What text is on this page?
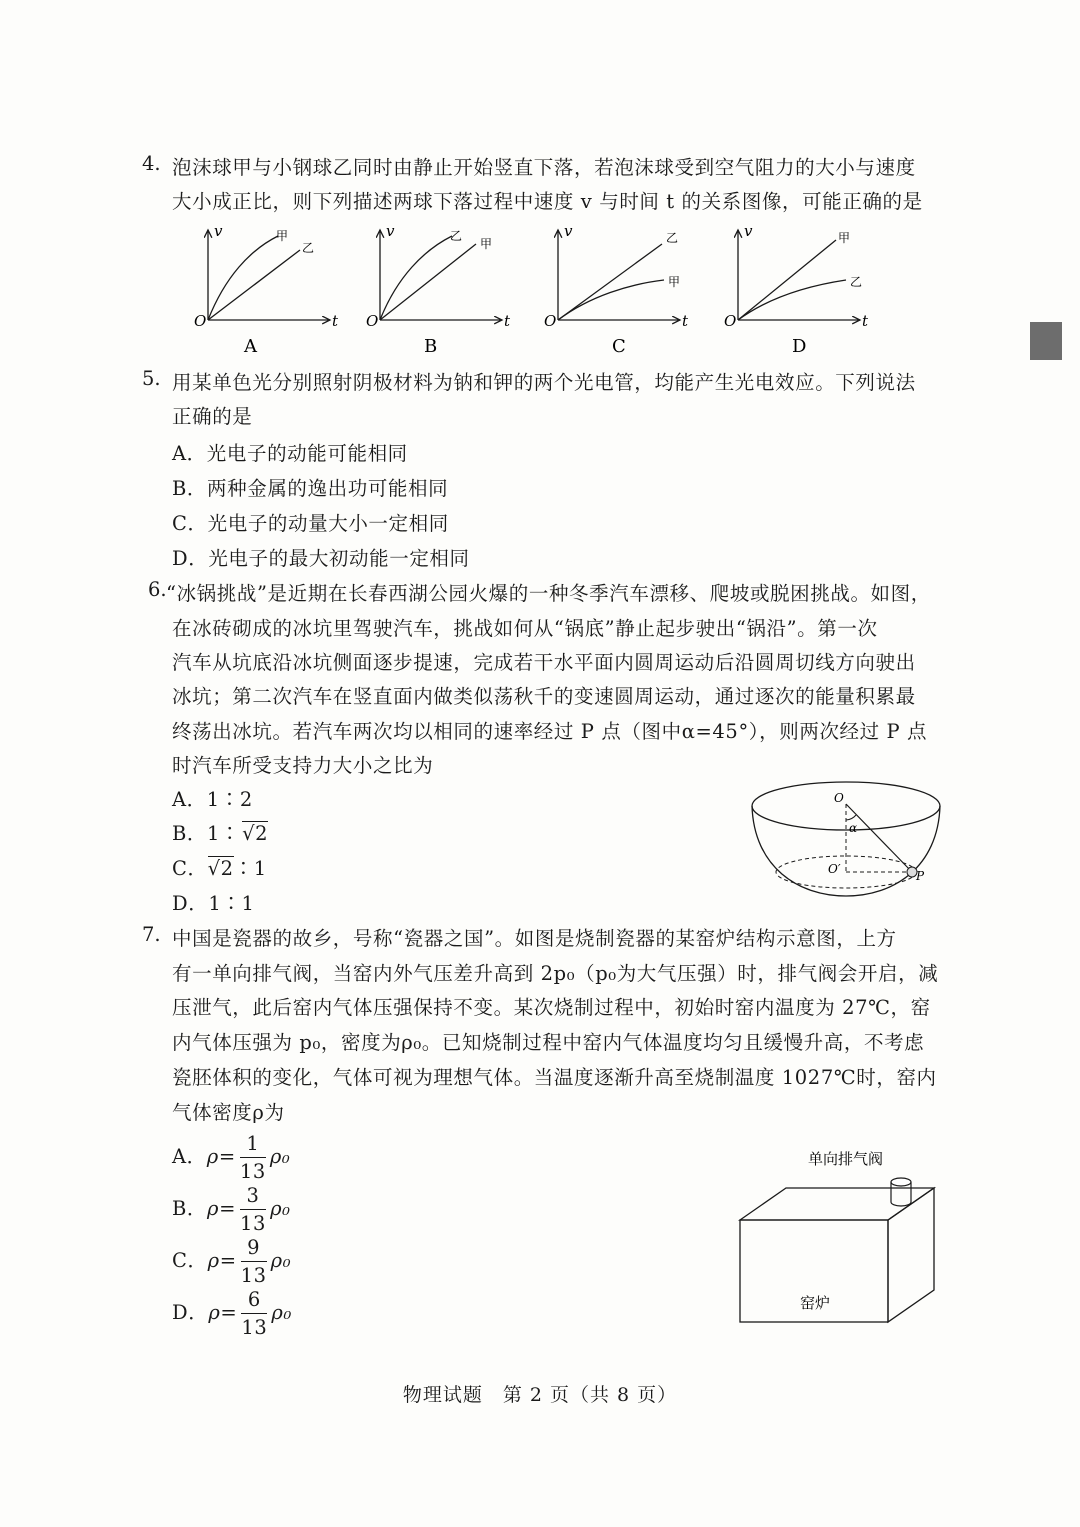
4. 泡沫球甲与小钢球乙同时由静止开始竖直下落，若泡沫球受到空气阻力的大小与速度
大小成正比，则下列描述两球下落过程中速度 v 与时间 t 的关系图像，可能正确的是
v
O	t
甲
乙
v
O	t
乙
甲
v
O	t
乙
甲
v
O	t
甲
乙
A	B	C	D
5. 用某单色光分别照射阴极材料为钠和钾的两个光电管，均能产生光电效应。下列说法
正确的是
A．光电子的动能可能相同
B．两种金属的逸出功可能相同
C．光电子的动量大小一定相同
D．光电子的最大初动能一定相同
6. “冰锅挑战”是近期在长春西湖公园火爆的一种冬季汽车漂移、爬坡或脱困挑战。如图，
在冰砖砌成的冰坑里驾驶汽车，挑战如何从“锅底”静止起步驶出“锅沿”。第一次
汽车从坑底沿冰坑侧面逐步提速，完成若干水平面内圆周运动后沿圆周切线方向驶出
冰坑；第二次汽车在竖直面内做类似荡秋千的变速圆周运动，通过逐次的能量积累最
终荡出冰坑。若汽车两次均以相同的速率经过 P 点（图中α=45°），则两次经过 P 点
时汽车所受支持力大小之比为
A．1∶2
B．1∶ √2
C．√2∶1
D．1∶1
O
α
O′	P
7. 中国是瓷器的故乡，号称“瓷器之国”。如图是烧制瓷器的某窑炉结构示意图，上方
有一单向排气阀，当窑内外气压差升高到 2p₀（p₀为大气压强）时，排气阀会开启，减
压泄气，此后窑内气体压强保持不变。某次烧制过程中，初始时窑内温度为 27℃，窑
内气体压强为 p₀，密度为ρ₀。已知烧制过程中窑内气体温度均匀且缓慢升高，不考虑
瓷胚体积的变化，气体可视为理想气体。当温度逐渐升高至烧制温度 1027℃时，窑内
气体密度ρ为
A．$\rho= \frac{1}{13} \rho_0$
B．$\rho= \frac{3}{13} \rho_0$
C．$\rho= \frac{9}{13} \rho_0$
D．$\rho= \frac{6}{13} \rho_0$
单向排气阀
窑炉
物理试题　第 2 页（共 8 页）
